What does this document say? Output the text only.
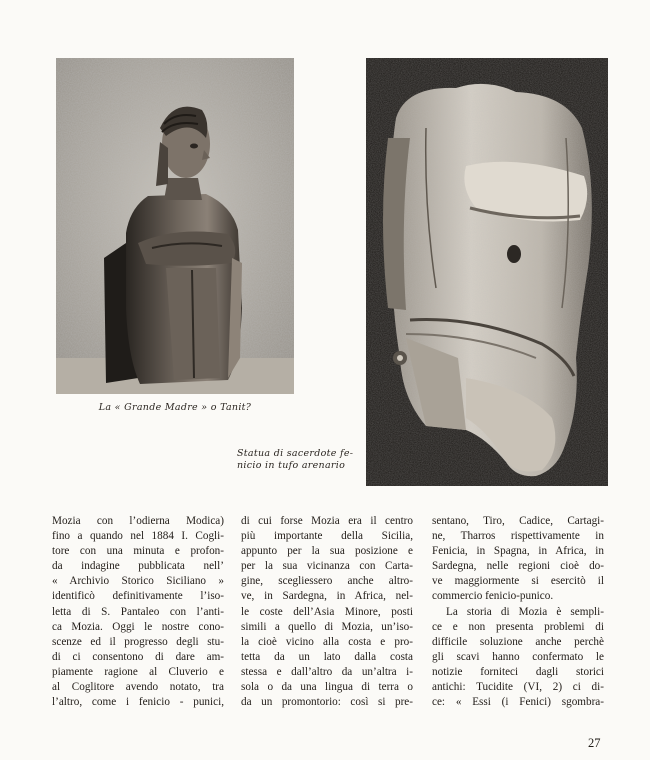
La « Grande Madre » o Tanit?
Statua di sacerdote fe-
nicio in tufo arenario
Mozia con l’odierna Modica)
fino a quando nel 1884 I. Cogli-
tore con una minuta e profon-
da indagine pubblicata nell’
« Archivio Storico Siciliano »
identificò definitivamente l’iso-
letta di S. Pantaleo con l’anti-
ca Mozia. Oggi le nostre cono-
scenze ed il progresso degli stu-
di ci consentono di dare am-
piamente ragione al Cluverio e
al Coglitore avendo notato, tra
l’altro, come i fenicio - punici,
di cui forse Mozia era il centro
più importante della Sicilia,
appunto per la sua posizione e
per la sua vicinanza con Carta-
gine, scegliessero anche altro-
ve, in Sardegna, in Africa, nel-
le coste dell’Asia Minore, posti
simili a quello di Mozia, un’iso-
la cioè vicino alla costa e pro-
tetta da un lato dalla costa
stessa e dall’altro da un’altra i-
sola o da una lingua di terra o
da un promontorio: così si pre-
sentano, Tiro, Cadice, Cartagi-
ne, Tharros rispettivamente in
Fenicia, in Spagna, in Africa, in
Sardegna, nelle regioni cioè do-
ve maggiormente si esercitò il
commercio fenicio-punico.
La storia di Mozia è sempli-
ce e non presenta problemi di
difficile soluzione anche perchè
gli scavi hanno confermato le
notizie forniteci dagli storici
antichi: Tucidite (VI, 2) ci di-
ce: « Essi (i Fenici) sgombra-
27
